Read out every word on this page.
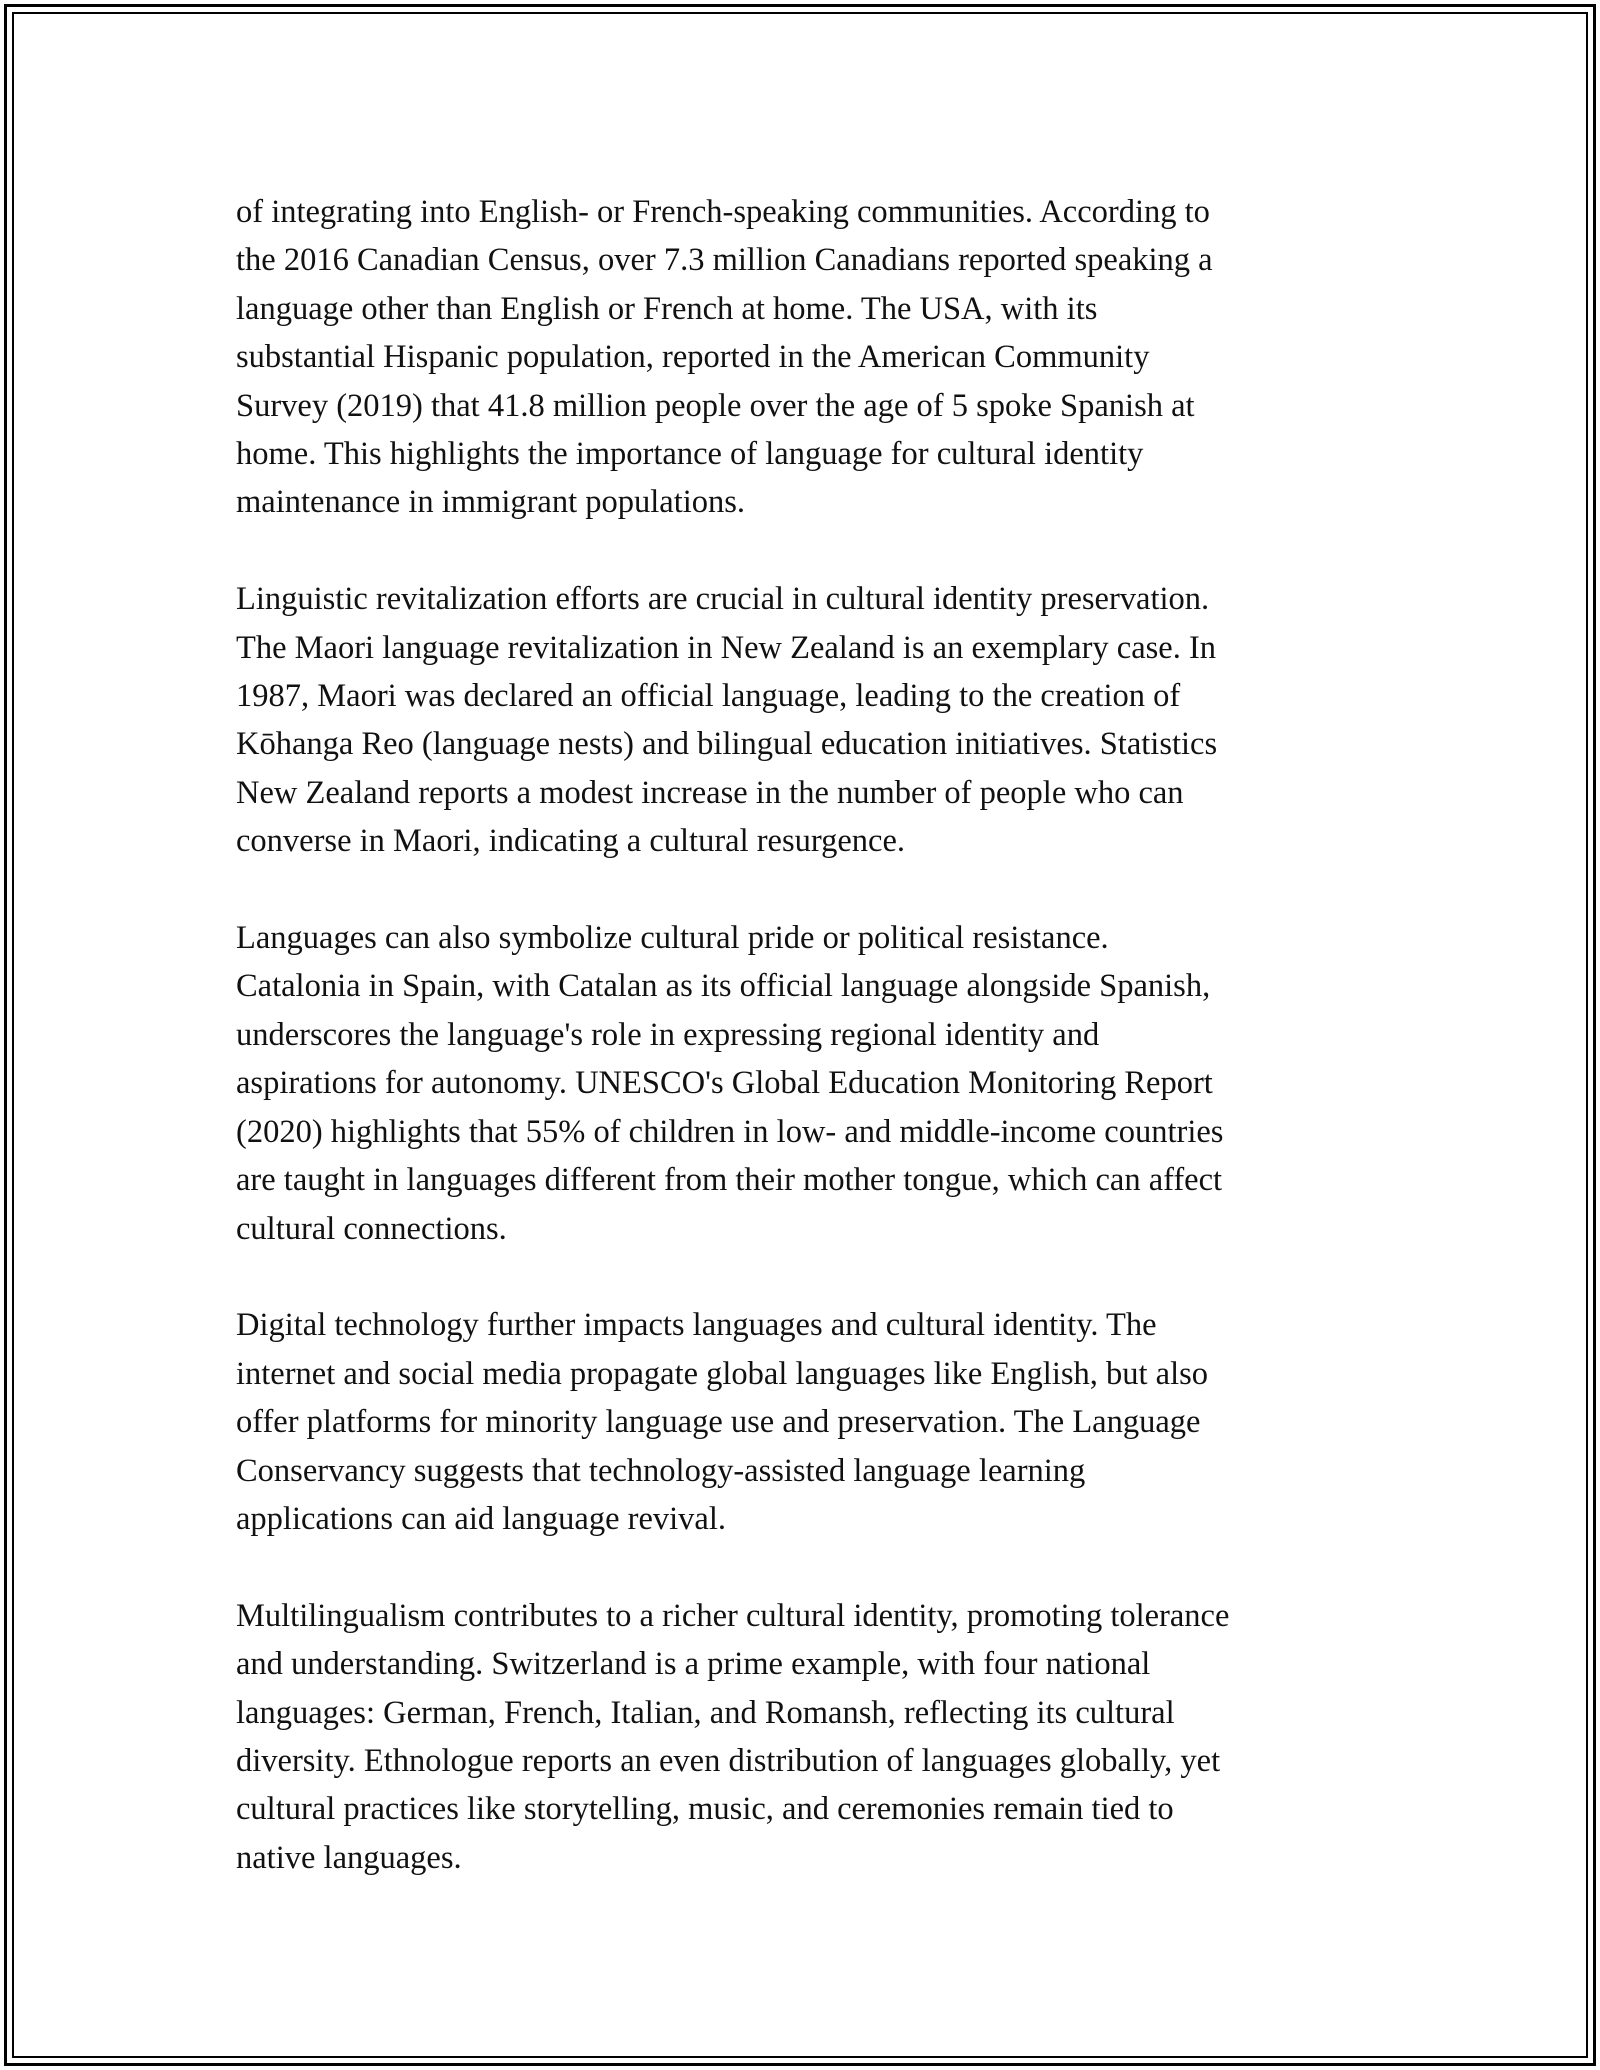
of integrating into English- or French-speaking communities. According to
the 2016 Canadian Census, over 7.3 million Canadians reported speaking a
language other than English or French at home. The USA, with its
substantial Hispanic population, reported in the American Community
Survey (2019) that 41.8 million people over the age of 5 spoke Spanish at
home. This highlights the importance of language for cultural identity
maintenance in immigrant populations.

Linguistic revitalization efforts are crucial in cultural identity preservation.
The Maori language revitalization in New Zealand is an exemplary case. In
1987, Maori was declared an official language, leading to the creation of
Kōhanga Reo (language nests) and bilingual education initiatives. Statistics
New Zealand reports a modest increase in the number of people who can
converse in Maori, indicating a cultural resurgence.

Languages can also symbolize cultural pride or political resistance.
Catalonia in Spain, with Catalan as its official language alongside Spanish,
underscores the language's role in expressing regional identity and
aspirations for autonomy. UNESCO's Global Education Monitoring Report
(2020) highlights that 55% of children in low- and middle-income countries
are taught in languages different from their mother tongue, which can affect
cultural connections.

Digital technology further impacts languages and cultural identity. The
internet and social media propagate global languages like English, but also
offer platforms for minority language use and preservation. The Language
Conservancy suggests that technology-assisted language learning
applications can aid language revival.

Multilingualism contributes to a richer cultural identity, promoting tolerance
and understanding. Switzerland is a prime example, with four national
languages: German, French, Italian, and Romansh, reflecting its cultural
diversity. Ethnologue reports an even distribution of languages globally, yet
cultural practices like storytelling, music, and ceremonies remain tied to
native languages.
